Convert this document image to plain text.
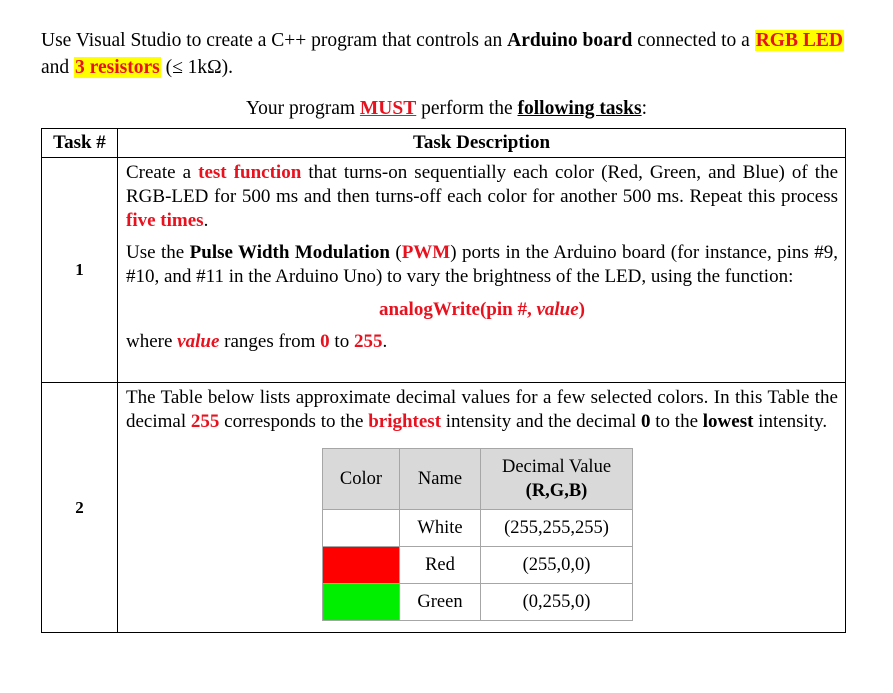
Use Visual Studio to create a C++ program that controls an Arduino board connected to a RGB LED and 3 resistors (≤ 1kΩ).
Your program MUST perform the following tasks:
Task #	Task Description
1	

Create a test function that turns-on sequentially each color (Red, Green, and Blue) of the RGB-LED for 500 ms and then turns-off each color for another 500 ms. Repeat this process five times.

Use the Pulse Width Modulation (PWM) ports in the Arduino board (for instance, pins #9, #10, and #11 in the Arduino Uno) to vary the brightness of the LED, using the function:

analogWrite(pin #, value)

where value ranges from 0 to 255.

2	

The Table below lists approximate decimal values for a few selected colors. In this Table the decimal 255 corresponds to the brightest intensity and the decimal 0 to the lowest intensity.

Color	Name	Decimal Value
(R,G,B)
	White	(255,255,255)
	Red	(255,0,0)
	Green	(0,255,0)
